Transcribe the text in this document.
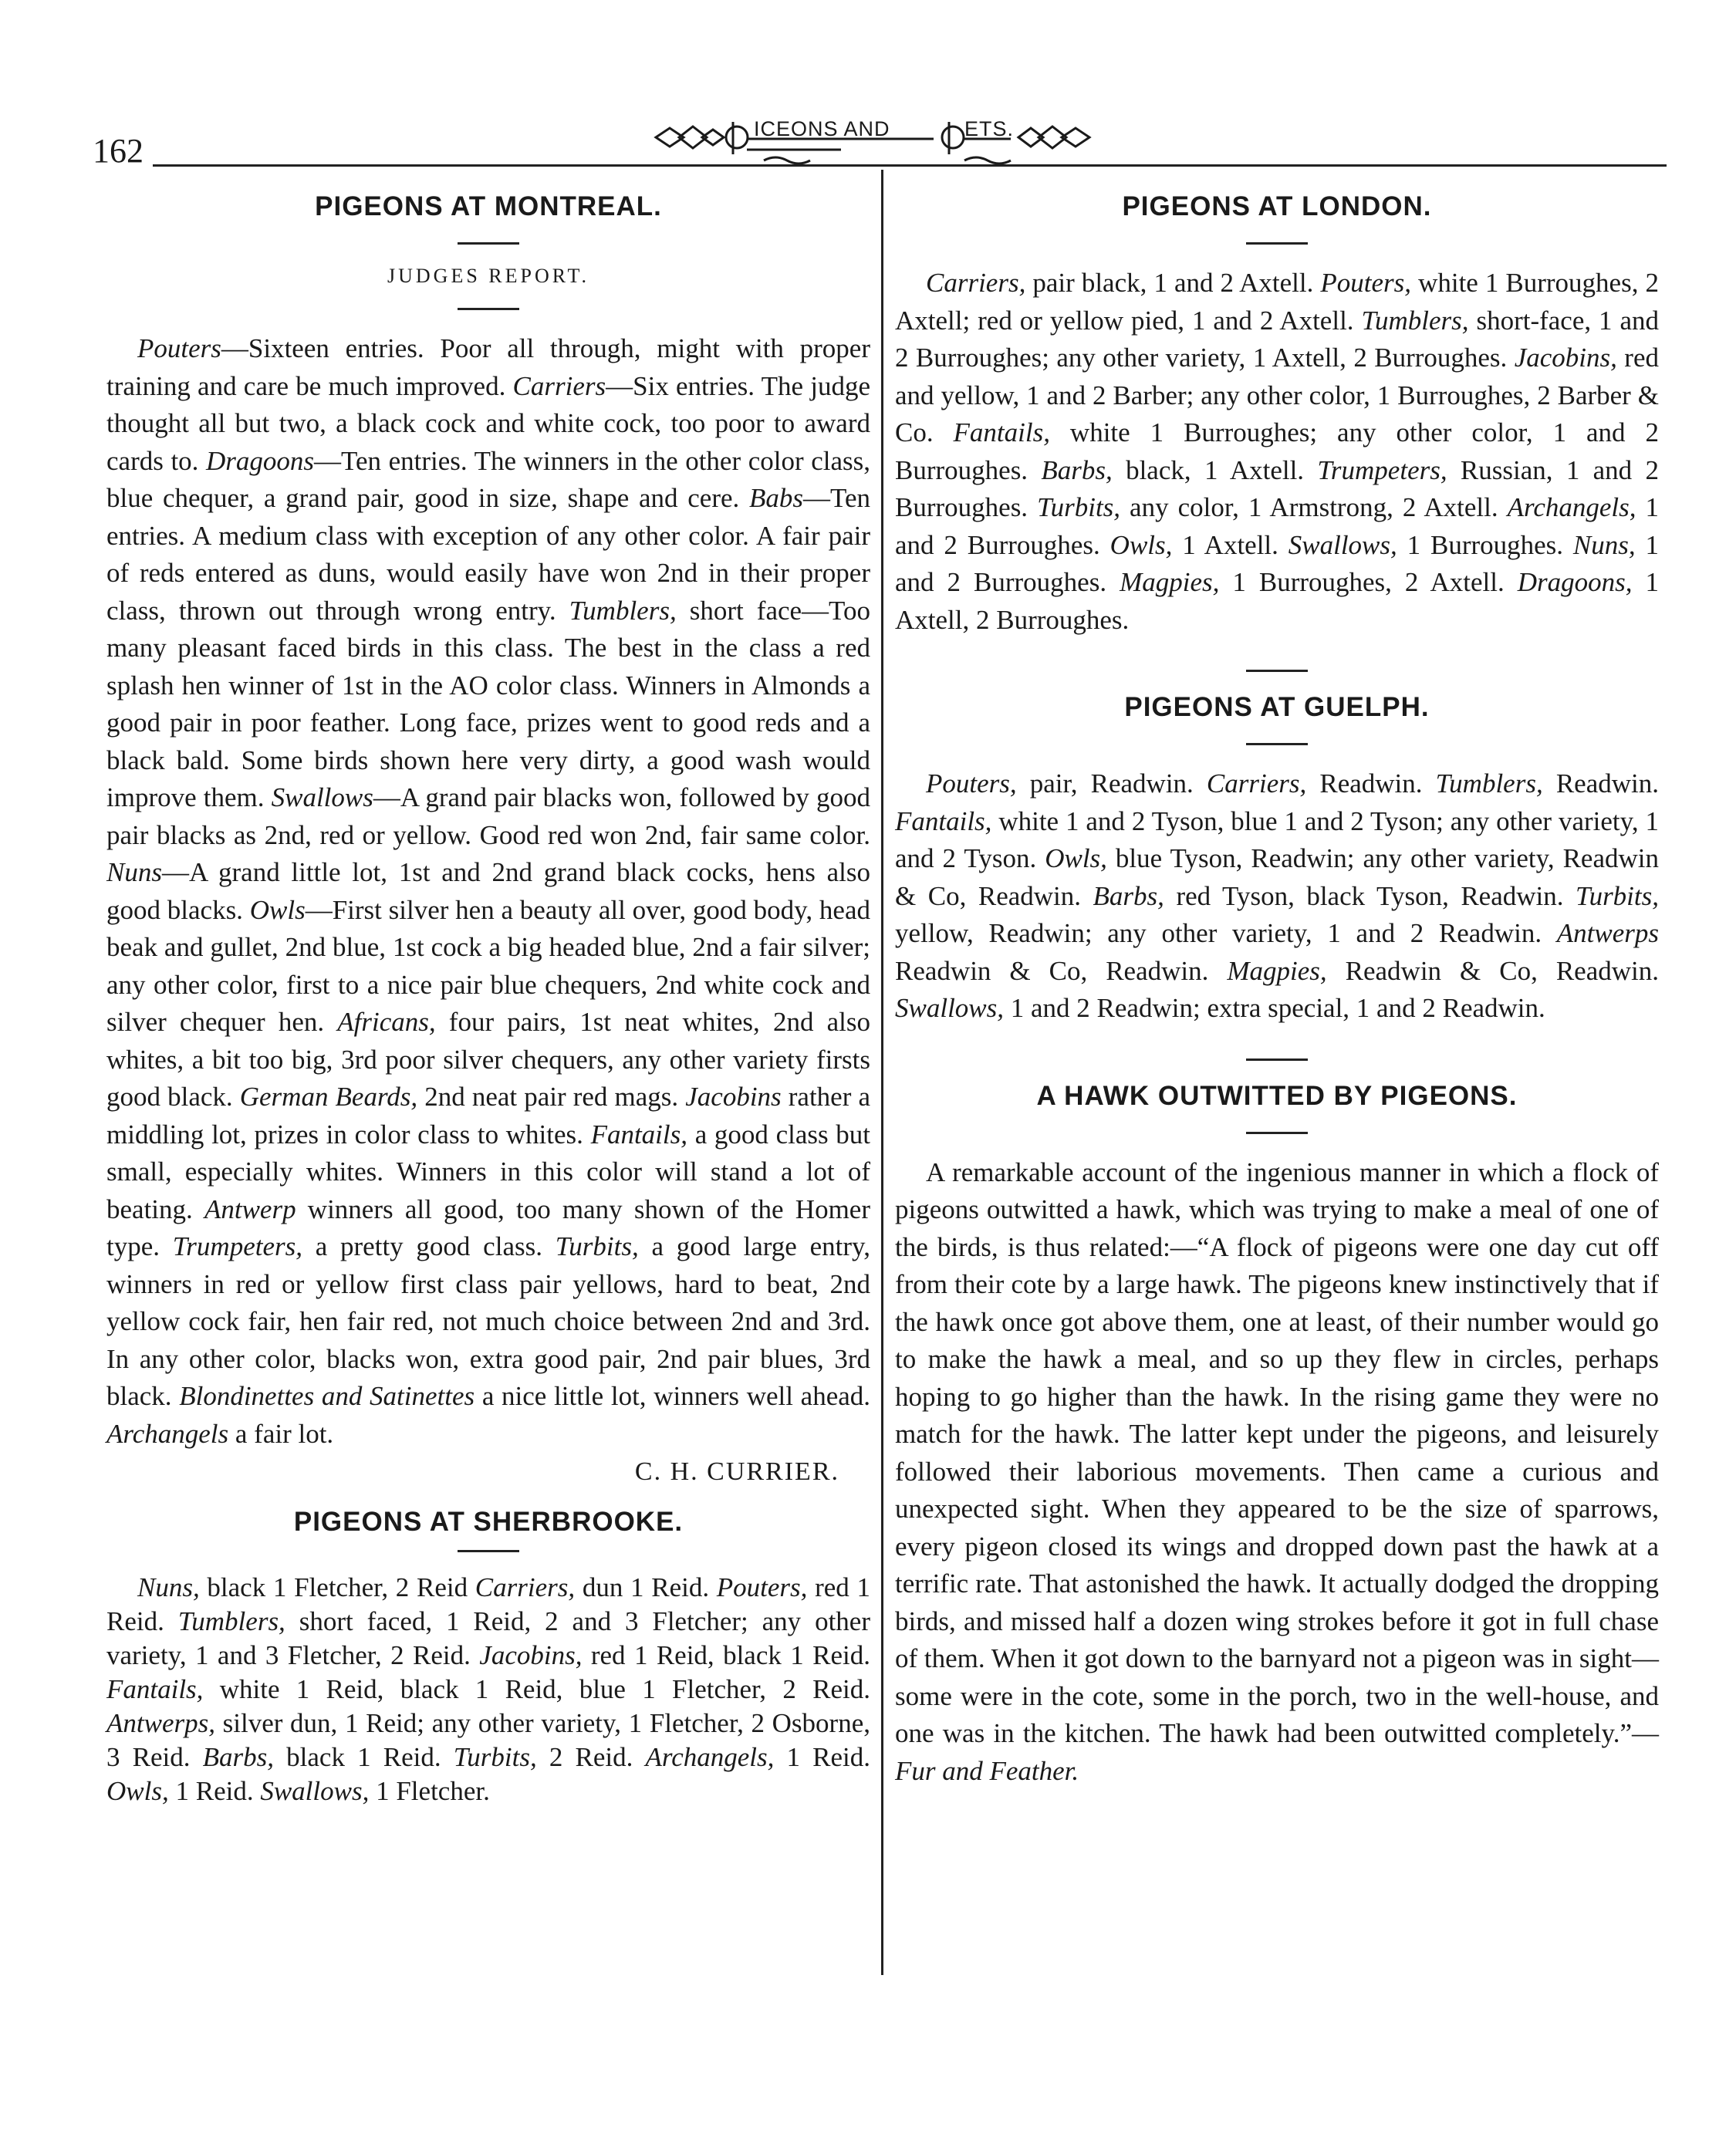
162
ICEONS AND	ETS.
PIGEONS AT MONTREAL.
JUDGES REPORT.

Pouters—Sixteen entries. Poor all through, might with proper training and care be much improved. Carriers—Six entries. The judge thought all but two, a black cock and white cock, too poor to award cards to. Dragoons—Ten entries. The winners in the other color class, blue chequer, a grand pair, good in size, shape and cere. Babs—Ten entries. A medium class with exception of any other color. A fair pair of reds entered as duns, would easily have won 2nd in their proper class, thrown out through wrong entry. Tumblers, short face—Too many pleasant faced birds in this class. The best in the class a red splash hen winner of 1st in the AO color class. Winners in Almonds a good pair in poor feather. Long face, prizes went to good reds and a black bald. Some birds shown here very dirty, a good wash would improve them. Swallows—A grand pair blacks won, followed by good pair blacks as 2nd, red or yellow. Good red won 2nd, fair same color. Nuns—A grand little lot, 1st and 2nd grand black cocks, hens also good blacks. Owls—First silver hen a beauty all over, good body, head beak and gullet, 2nd blue, 1st cock a big headed blue, 2nd a fair silver; any other color, first to a nice pair blue chequers, 2nd white cock and silver chequer hen. Africans, four pairs, 1st neat whites, 2nd also whites, a bit too big, 3rd poor silver chequers, any other variety firsts good black. German Beards, 2nd neat pair red mags. Jacobins rather a middling lot, prizes in color class to whites. Fantails, a good class but small, especially whites. Winners in this color will stand a lot of beating. Antwerp winners all good, too many shown of the Homer type. Trumpeters, a pretty good class. Turbits, a good large entry, winners in red or yellow first class pair yellows, hard to beat, 2nd yellow cock fair, hen fair red, not much choice between 2nd and 3rd. In any other color, blacks won, extra good pair, 2nd pair blues, 3rd black. Blondinettes and Satinettes a nice little lot, winners well ahead. Archangels a fair lot.

C. H. CURRIER.
PIGEONS AT SHERBROOKE.

Nuns, black 1 Fletcher, 2 Reid Carriers, dun 1 Reid. Pouters, red 1 Reid. Tumblers, short faced, 1 Reid, 2 and 3 Fletcher; any other variety, 1 and 3 Fletcher, 2 Reid. Jacobins, red 1 Reid, black 1 Reid. Fantails, white 1 Reid, black 1 Reid, blue 1 Fletcher, 2 Reid. Antwerps, silver dun, 1 Reid; any other variety, 1 Fletcher, 2 Osborne, 3 Reid. Barbs, black 1 Reid. Turbits, 2 Reid. Archangels, 1 Reid. Owls, 1 Reid. Swallows, 1 Fletcher.

PIGEONS AT LONDON.

Carriers, pair black, 1 and 2 Axtell. Pouters, white 1 Burroughes, 2 Axtell; red or yellow pied, 1 and 2 Axtell. Tumblers, short-face, 1 and 2 Burroughes; any other variety, 1 Axtell, 2 Burroughes. Jacobins, red and yellow, 1 and 2 Barber; any other color, 1 Burroughes, 2 Barber & Co. Fantails, white 1 Burroughes; any other color, 1 and 2 Burroughes. Barbs, black, 1 Axtell. Trumpeters, Russian, 1 and 2 Burroughes. Turbits, any color, 1 Armstrong, 2 Axtell. Archangels, 1 and 2 Burroughes. Owls, 1 Axtell. Swallows, 1 Burroughes. Nuns, 1 and 2 Burroughes. Magpies, 1 Burroughes, 2 Axtell. Dragoons, 1 Axtell, 2 Burroughes.

PIGEONS AT GUELPH.

Pouters, pair, Readwin. Carriers, Readwin. Tumblers, Readwin. Fantails, white 1 and 2 Tyson, blue 1 and 2 Tyson; any other variety, 1 and 2 Tyson. Owls, blue Tyson, Readwin; any other variety, Readwin & Co, Readwin. Barbs, red Tyson, black Tyson, Readwin. Turbits, yellow, Readwin; any other variety, 1 and 2 Readwin. Antwerps Readwin & Co, Readwin. Magpies, Readwin & Co, Readwin. Swallows, 1 and 2 Readwin; extra special, 1 and 2 Readwin.

A HAWK OUTWITTED BY PIGEONS.

A remarkable account of the ingenious manner in which a flock of pigeons outwitted a hawk, which was trying to make a meal of one of the birds, is thus related:—“A flock of pigeons were one day cut off from their cote by a large hawk. The pigeons knew instinctively that if the hawk once got above them, one at least, of their number would go to make the hawk a meal, and so up they flew in circles, perhaps hoping to go higher than the hawk. In the rising game they were no match for the hawk. The latter kept under the pigeons, and leisurely followed their laborious movements. Then came a curious and unexpected sight. When they appeared to be the size of sparrows, every pigeon closed its wings and dropped down past the hawk at a terrific rate. That astonished the hawk. It actually dodged the dropping birds, and missed half a dozen wing strokes before it got in full chase of them. When it got down to the barnyard not a pigeon was in sight—some were in the cote, some in the porch, two in the well-house, and one was in the kitchen. The hawk had been outwitted completely.”—Fur and Feather.
